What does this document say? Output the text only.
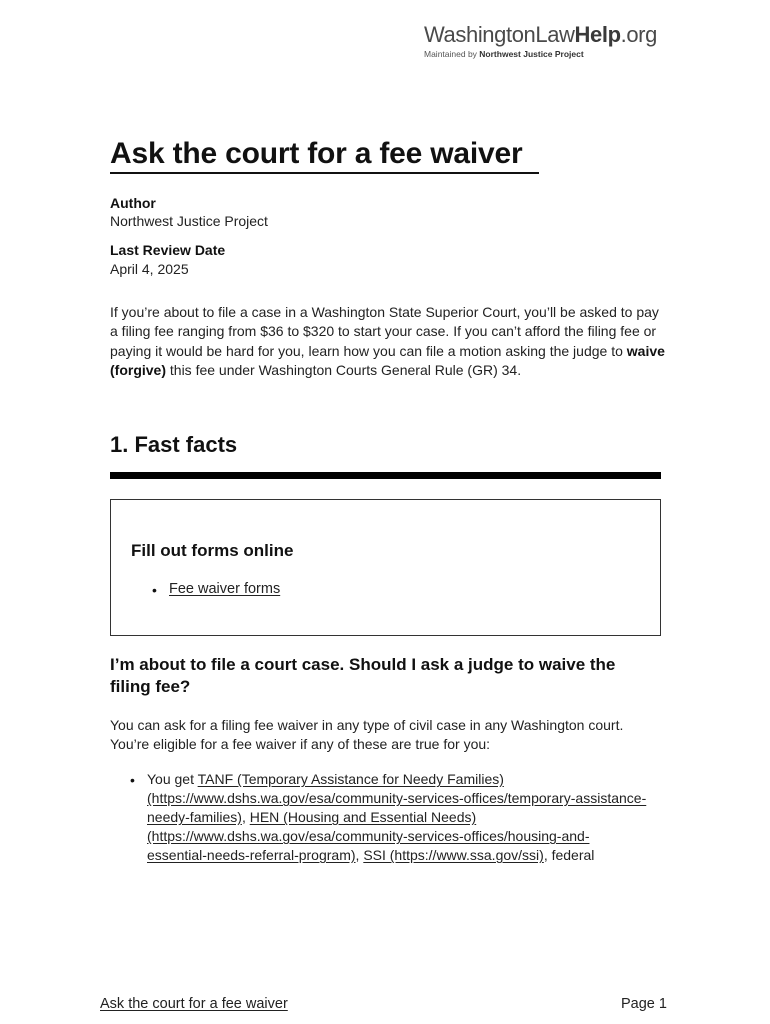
WashingtonLawHelp.org
Maintained by Northwest Justice Project
Ask the court for a fee waiver
Author
Northwest Justice Project
Last Review Date
April 4, 2025

If you’re about to file a case in a Washington State Superior Court, you’ll be asked to pay a filing fee ranging from $36 to $320 to start your case. If you can’t afford the filing fee or paying it would be hard for you, learn how you can file a motion asking the judge to waive (forgive) this fee under Washington Courts General Rule (GR) 34.

1. Fast facts
Fill out forms online
• Fee waiver forms
I’m about to file a court case. Should I ask a judge to waive the filing fee?

You can ask for a filing fee waiver in any type of civil case in any Washington court. You’re eligible for a fee waiver if any of these are true for you:

• You get TANF (Temporary Assistance for Needy Families) (https://www.dshs.wa.gov/esa/community-services-offices/temporary-assistance-needy-families), HEN (Housing and Essential Needs) (https://www.dshs.wa.gov/esa/community-services-offices/housing-and-essential-needs-referral-program), SSI (https://www.ssa.gov/ssi), federal

Ask the court for a fee waiver	Page 1
